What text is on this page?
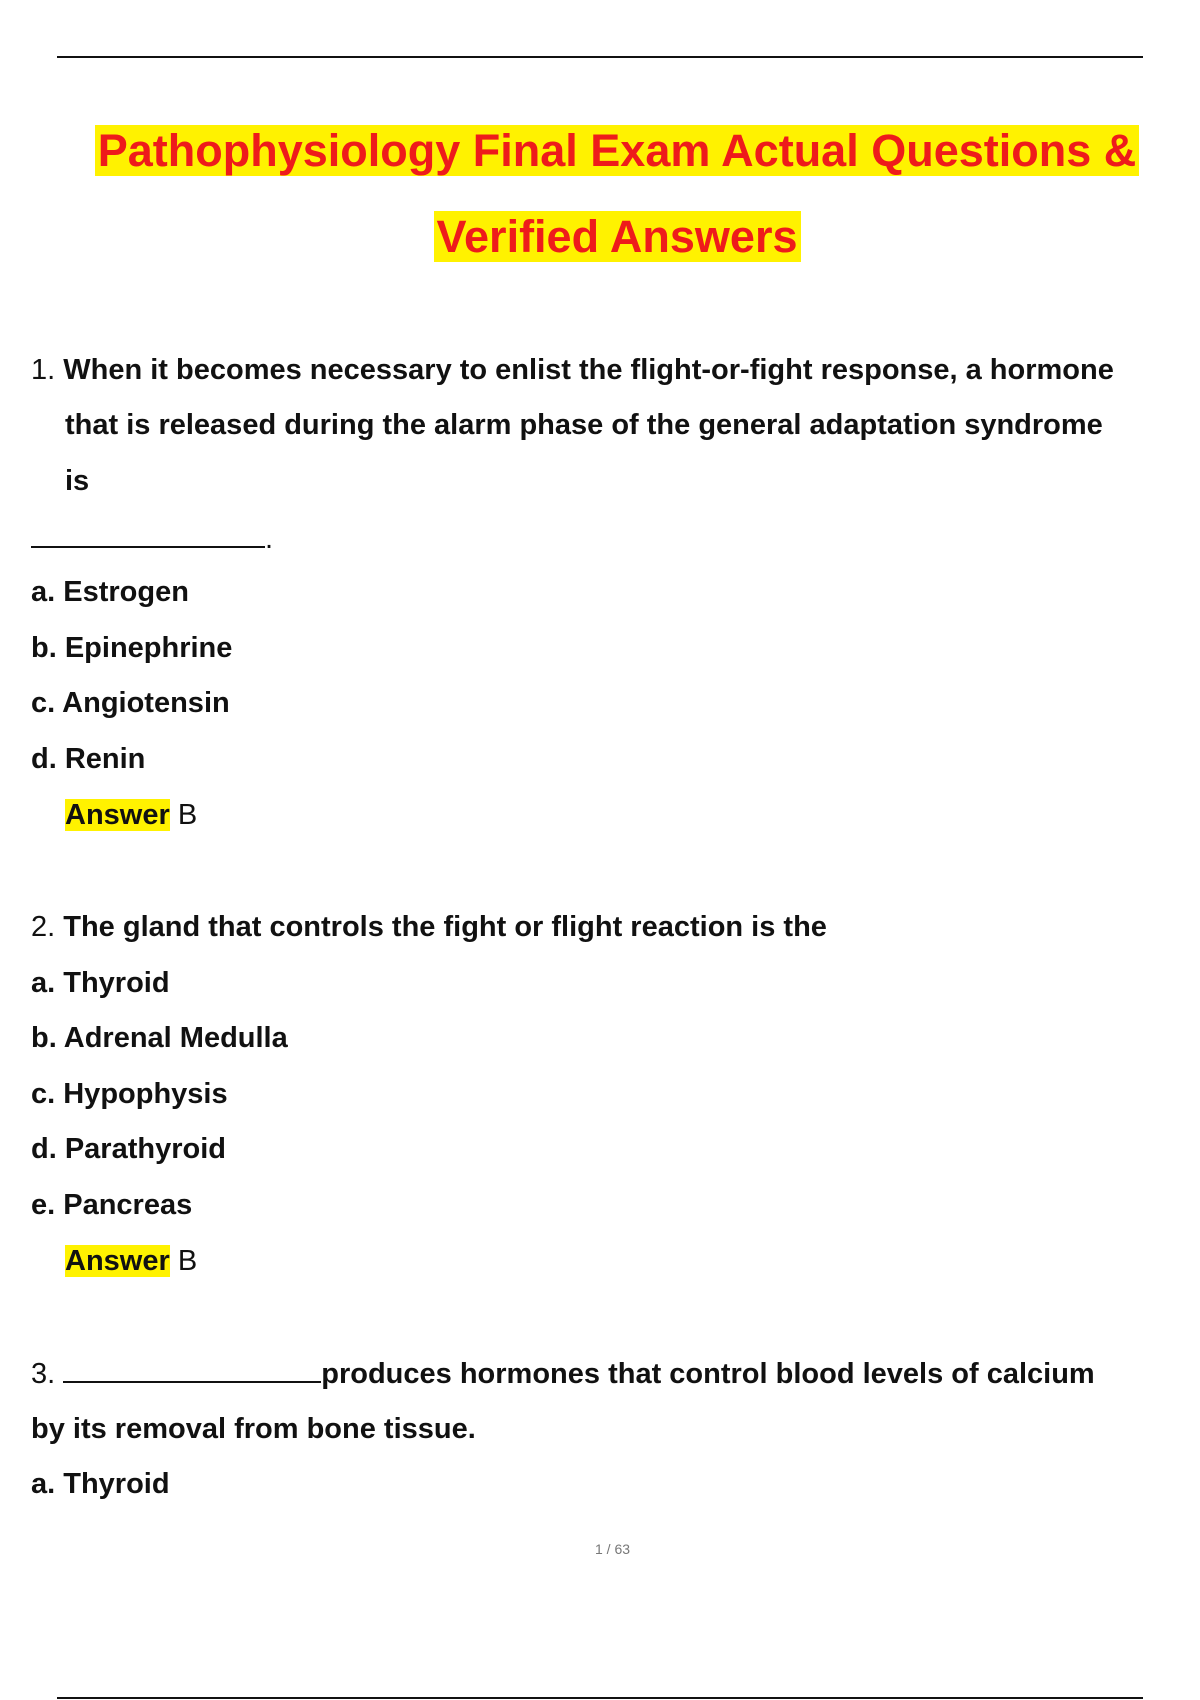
Pathophysiology Final Exam Actual Questions &
Verified Answers
1. When it becomes necessary to enlist the flight-or-fight response, a hormone
that is released during the alarm phase of the general adaptation syndrome
is
.
a. Estrogen
b. Epinephrine
c. Angiotensin
d. Renin
Answer B
2. The gland that controls the fight or flight reaction is the
a. Thyroid
b. Adrenal Medulla
c. Hypophysis
d. Parathyroid
e. Pancreas
Answer B
3.	produces hormones that control blood levels of calcium
by its removal from bone tissue.
a. Thyroid
1 / 63
